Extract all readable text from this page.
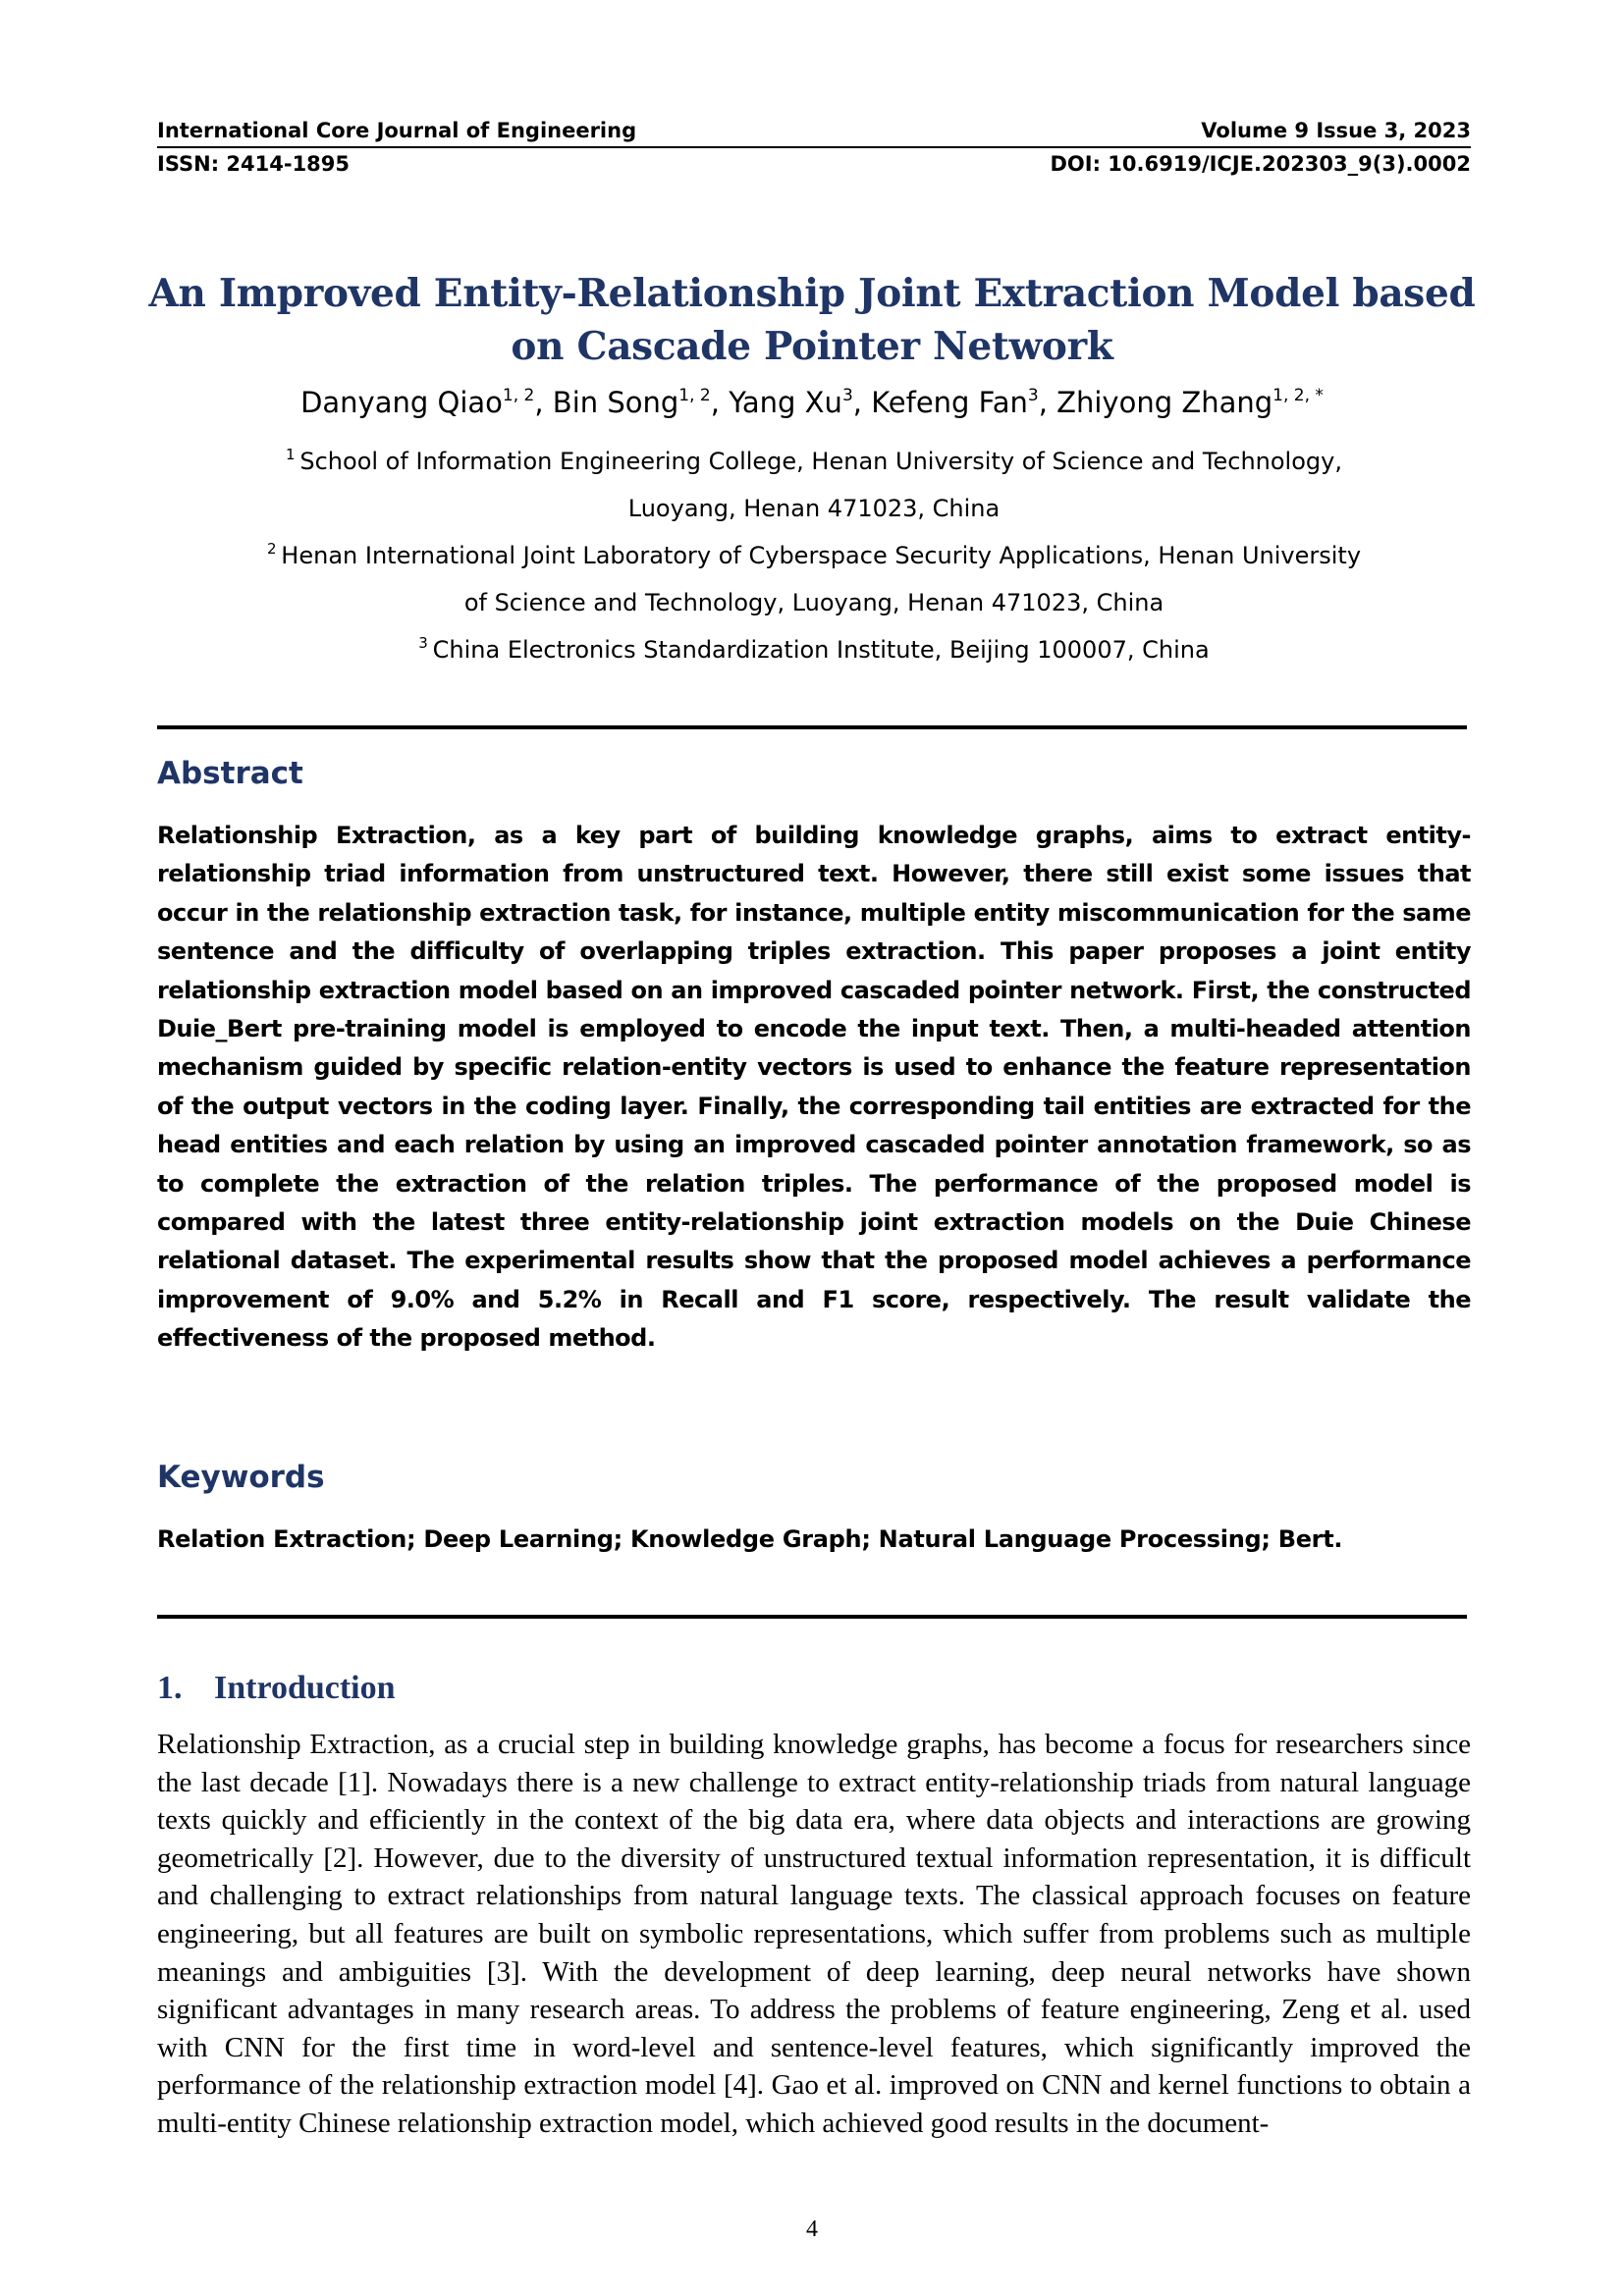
International Core Journal of Engineering	Volume 9 Issue 3, 2023
ISSN: 2414-1895	DOI: 10.6919/ICJE.202303_9(3).0002
An Improved Entity-Relationship Joint Extraction Model based on Cascade Pointer Network
Danyang Qiao$^{1, 2}$, Bin Song$^{1, 2}$, Yang Xu$^3$, Kefeng Fan$^3$, Zhiyong Zhang$^{1, 2, *}$
$^1$  School of Information Engineering College, Henan University of Science and Technology,
Luoyang, Henan 471023, China
$^2$  Henan International Joint Laboratory of Cyberspace Security Applications, Henan University
of Science and Technology, Luoyang, Henan 471023, China
$^3$  China Electronics Standardization Institute, Beijing 100007, China
Abstract
Relationship Extraction, as a key part of building knowledge graphs, aims to extract entity-relationship triad information from unstructured text. However, there still exist some issues that occur in the relationship extraction task, for instance, multiple entity miscommunication for the same sentence and the difficulty of overlapping triples extraction. This paper proposes a joint entity relationship extraction model based on an improved cascaded pointer network. First, the constructed Duie_Bert pre-training model is employed to encode the input text. Then, a multi-headed attention mechanism guided by specific relation-entity vectors is used to enhance the feature representation of the output vectors in the coding layer. Finally, the corresponding tail entities are extracted for the head entities and each relation by using an improved cascaded pointer annotation framework, so as to complete the extraction of the relation triples. The performance of the proposed model is compared with the latest three entity-relationship joint extraction models on the Duie Chinese relational dataset. The experimental results show that the proposed model achieves a performance improvement of 9.0% and 5.2% in Recall and F1 score, respectively. The result validate the effectiveness of the proposed method.
Keywords
Relation Extraction; Deep Learning; Knowledge Graph; Natural Language Processing; Bert.
1. Introduction
Relationship Extraction, as a crucial step in building knowledge graphs, has become a focus for researchers since the last decade [1]. Nowadays there is a new challenge to extract entity-relationship triads from natural language texts quickly and efficiently in the context of the big data era, where data objects and interactions are growing geometrically [2]. However, due to the diversity of unstructured textual information representation, it is difficult and challenging to extract relationships from natural language texts. The classical approach focuses on feature engineering, but all features are built on symbolic representations, which suffer from problems such as multiple meanings and ambiguities [3]. With the development of deep learning, deep neural networks have shown significant advantages in many research areas. To address the problems of feature engineering, Zeng et al. used with CNN for the first time in word-level and sentence-level features, which significantly improved the performance of the relationship extraction model [4]. Gao et al. improved on CNN and kernel functions to obtain a multi-entity Chinese relationship extraction model, which achieved good results in the document-
4
